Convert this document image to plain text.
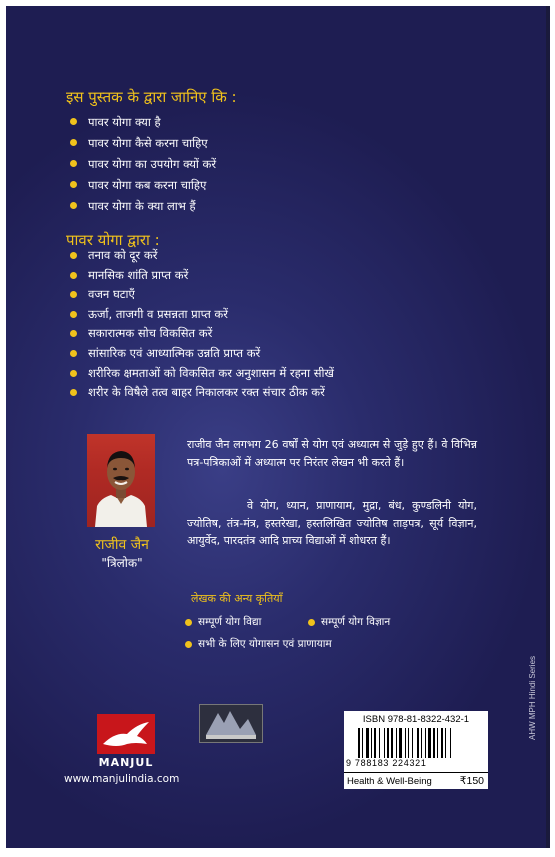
इस पुस्तक के द्वारा जानिए कि :
पावर योगा क्या है
पावर योगा कैसे करना चाहिए
पावर योगा का उपयोग क्यों करें
पावर योगा कब करना चाहिए
पावर योगा के क्या लाभ हैं
पावर योगा द्वारा :
तनाव को दूर करें
मानसिक शांति प्राप्त करें
वजन घटाएँ
ऊर्जा, ताजगी व प्रसन्नता प्राप्त करें
सकारात्मक सोच विकसित करें
सांसारिक एवं आध्यात्मिक उन्नति प्राप्त करें
शरीरिक क्षमताओं को विकसित कर अनुशासन में रहना सीखें
शरीर के विषैले तत्व बाहर निकालकर रक्त संचार ठीक करें
राजीव जैन
"त्रिलोक"

राजीव जैन लगभग 26 वर्षों से योग एवं अध्यात्म से जुड़े हुए हैं। वे विभिन्न पत्र-पत्रिकाओं में अध्यात्म पर निरंतर लेखन भी करते हैं।

वे योग, ध्यान, प्राणायाम, मुद्रा, बंध, कुण्डलिनी योग, ज्योतिष, तंत्र-मंत्र, हस्तरेखा, हस्तलिखित ज्योतिष ताड़पत्र, सूर्य विज्ञान, आयुर्वेद, पारदतंत्र आदि प्राच्य विद्याओं में शोधरत हैं।

लेखक की अन्य कृतियाँ
सम्पूर्ण योग विद्या	सम्पूर्ण योग विज्ञान
सभी के लिए योगासन एवं प्राणायाम
MANJUL
www.manjulindia.com
ISBN 978-81-8322-432-1
9 788183 224321
Health & Well-Being	₹150
AHW MPH Hindi Series
